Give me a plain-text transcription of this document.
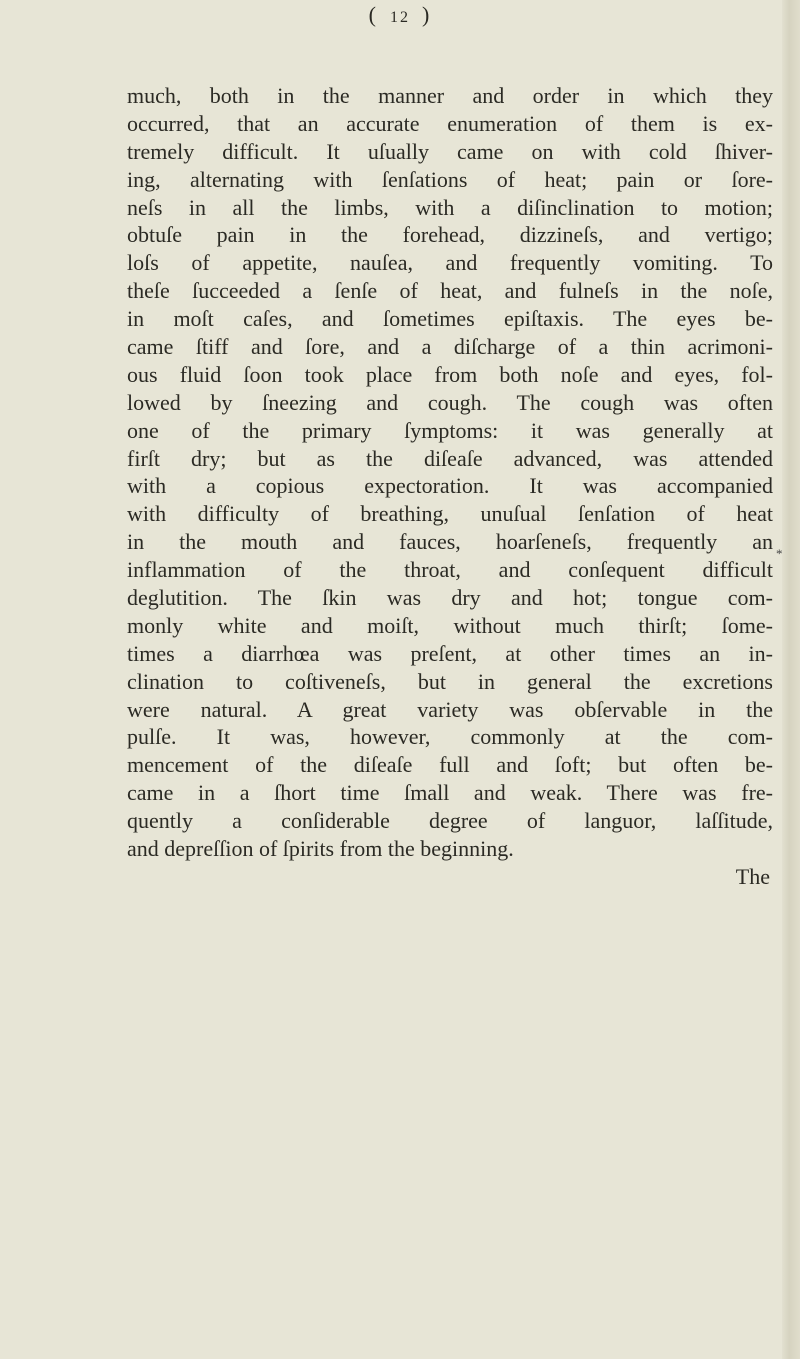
( 12 )
much, both in the manner and order in which they
occurred, that an accurate enumeration of them is ex-
tremely difficult. It uſually came on with cold ſhiver-
ing, alternating with ſenſations of heat; pain or ſore-
neſs in all the limbs, with a diſinclination to motion;
obtuſe pain in the forehead, dizzineſs, and vertigo;
loſs of appetite, nauſea, and frequently vomiting. To
theſe ſucceeded a ſenſe of heat, and fulneſs in the noſe,
in moſt caſes, and ſometimes epiſtaxis. The eyes be-
came ſtiff and ſore, and a diſcharge of a thin acrimoni-
ous fluid ſoon took place from both noſe and eyes, fol-
lowed by ſneezing and cough. The cough was often
one of the primary ſymptoms: it was generally at
firſt dry; but as the diſeaſe advanced, was attended
with a copious expectoration. It was accompanied
with difficulty of breathing, unuſual ſenſation of heat
in the mouth and fauces, hoarſeneſs, frequently an
inflammation of the throat, and conſequent difficult
deglutition. The ſkin was dry and hot; tongue com-
monly white and moiſt, without much thirſt; ſome-
times a diarrhœa was preſent, at other times an in-
clination to coſtiveneſs, but in general the excretions
were natural. A great variety was obſervable in the
pulſe. It was, however, commonly at the com-
mencement of the diſeaſe full and ſoft; but often be-
came in a ſhort time ſmall and weak. There was fre-
quently a conſiderable degree of languor, laſſitude,
and depreſſion of ſpirits from the beginning.
*
The
